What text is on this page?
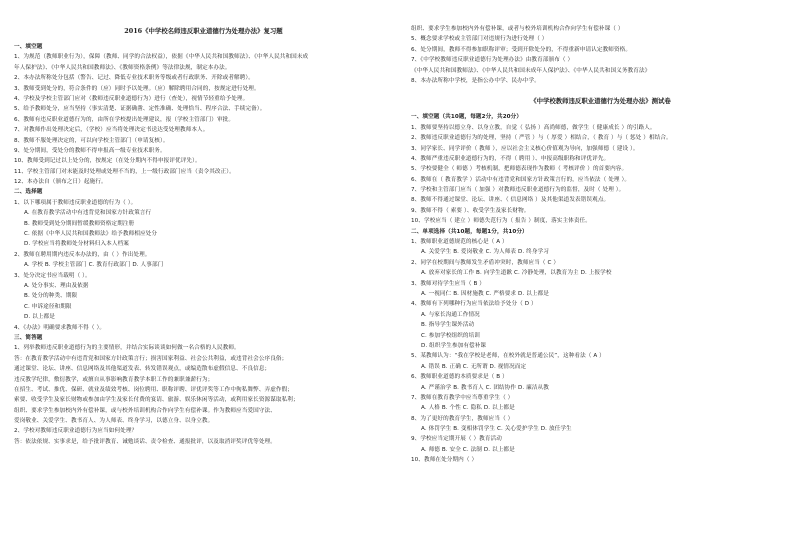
2016《中学校名师违反职业道德行为处理办法》复习题
一、填空题
1、为规范（教师职业行为），保障（教师、同学的合法权益），依据《中华人民共和国教师法》、《中华人民共和国未成
年人保护法》、《中华人民共和国教师法》、《教师资格条例》等法律法规，制定本办法。
2、本办法所称处分包括（警告、记过、降低专业技术职务等级或者行政职务、开除或者解聘）。
3、教师受到处分的，符合条件的（应）同时予以处理。（应）解除聘用合同的，按规定进行处理。
4、学校及学校主管部门应对（教师违反职业道德行为）进行（查处），视情节轻重给予处理。
5、给予教师处分，应当坚持（事实清楚、证据确凿、定性准确、处理恰当、程序合法、手续完备）。
6、教师有违反职业道德行为的，由所在学校提出处理建议，报（学校主管部门）审批。
7、对教师作出处理决定后，（学校）应当将处理决定书送达受处理教师本人。
8、教师不服处理决定的，可以向学校主管部门（申请复核）。
9、处分期间，受处分的教师不得申报高一级专业技术职务。
10、教师受到记过以上处分的，按规定（在处分期内不得申报评优评先）。
11、学校主管部门对未能及时处理或处理不当的，上一级行政部门应当（责令其改正）。
12、本办法自（颁布之日）起施行。
二、选择题
1、以下哪项属于教师违反职业道德的行为（ ）。
A. 在教育教学活动中有违背党和国家方针政策言行
B. 教师受到处分期间暂缓教师资格定期注册
C. 依据《中华人民共和国教师法》给予教师相应处分
D. 学校应当将教师处分材料归入本人档案
2、教师在聘用期内违反本办法的，由（ ）作出处理。
A. 学校 B. 学校主管部门 C. 教育行政部门 D. 人事部门
3、处分决定书应当载明（ ）。
A. 处分事实、理由及依据
B. 处分的种类、期限
C. 申诉途径和期限
D. 以上都是
4、《办法》明确要求教师不得（ ）。
三、简答题
1、列举教师违反职业道德行为的主要情形，并结合实际谈谈如何做一名合格的人民教师。
答：在教育教学活动中有违背党和国家方针政策言行；损害国家利益、社会公共利益，或违背社会公序良俗；
通过课堂、论坛、讲座、信息网络及其他渠道发表、转发错误观点，或编造散布虚假信息、不良信息；
违反教学纪律，敷衍教学，或擅自从事影响教育教学本职工作的兼职兼薪行为；
在招生、考试、推优、保研、就业及绩效考核、岗位聘用、职称评聘、评优评奖等工作中徇私舞弊、弄虚作假；
索要、收受学生及家长财物或参加由学生及家长付费的宴请、旅游、娱乐休闲等活动，或利用家长资源谋取私利；
组织、要求学生参加校内外有偿补课，或与校外培训机构合作向学生有偿补课。作为教师应当爱国守法、
爱岗敬业、关爱学生、教书育人、为人师表、终身学习，以德立身、以身立教。
2、学校对教师违反职业道德行为应当如何处理？
答：依法依规、实事求是，给予批评教育、诫勉谈话、责令检查、通报批评，以及取消评奖评优等处理。
组织、要求学生参加校内外有偿补课，或者与校外培训机构合作向学生有偿补课（ ）
5、概念要求学校或主管部门对违规行为进行处理（ ）
6、处分期间，教师不得参加职称评审；受到开除处分的，不得重新申请认定教师资格。
7、《中学校教师违反职业道德行为处理办法》由教育部颁布（ ）
《中华人民共和国教师法》、《中华人民共和国未成年人保护法》、《中华人民共和国义务教育法》
8、本办法所称中学校，是指公办中学、民办中学。
《中学校教师违反职业道德行为处理办法》测试卷
一、填空题（共10题，每题2分，共20分）
1、教师要坚持以德立身、以身立教，自觉（ 弘扬 ）高尚师德，做学生（ 健康成长 ）的引路人。
2、教师违反职业道德行为的处理，坚持（ 严管 ）与（ 厚爱 ）相结合，（ 教育 ）与（ 惩处 ）相结合。
3、同学家长、同学评价（ 教师 ），应以社会主义核心价值观为导向，加强师德（ 建设 ）。
4、教师严重违反职业道德行为的，不得（ 聘用 ）、申报高级职称和评优评先。
5、学校要健全（ 师德 ）考核机制，把师德表现作为教师（ 考核评价 ）的首要内容。
6、教师在（ 教育教学 ）活动中有违背党和国家方针政策言行的，应当依法（ 处理 ）。
7、学校和主管部门应当（ 加强 ）对教师违反职业道德行为的监督，及时（ 处理 ）。
8、教师不得通过课堂、论坛、讲座、（ 信息网络 ）及其他渠道发表错误观点。
9、教师不得（ 索要 ）、收受学生及家长财物。
10、学校应当（ 建立 ）师德失范行为（ 报告 ）制度，落实主体责任。
二、单项选择（共10题，每题1分，共10分）
1、教师职业道德规范的核心是（ A ）
A. 关爱学生 B. 爱岗敬业 C. 为人师表 D. 终身学习
2、同学在校期间与教师发生矛盾冲突时，教师应当（ C ）
A. 放弃对家长的工作 B. 向学生道歉 C. 冷静处理，以教育为主 D. 上报学校
3、教师对待学生应当（ B ）
A. 一视同仁 B. 因材施教 C. 严格要求 D. 以上都是
4、教师有下列哪种行为应当依法给予处分（ D ）
A. 与家长沟通工作情况
B. 指导学生课外活动
C. 参加学校组织的培训
D. 组织学生参加有偿补课
5、某教师认为：“我在学校是老师，在校外就是普通公民”，这种看法（ A ）
A. 错误 B. 正确 C. 无所谓 D. 视情况而定
6、教师职业道德的本质要求是（ B ）
A. 严谨治学 B. 教书育人 C. 团结协作 D. 廉洁从教
7、教师在教育教学中应当尊重学生（ ）
A. 人格 B. 个性 C. 隐私 D. 以上都是
8、为了更好的教育学生，教师应当（ ）
A. 体罚学生 B. 变相体罚学生 C. 关心爱护学生 D. 放任学生
9、学校应当定期开展（ ）教育活动
A. 师德 B. 安全 C. 法制 D. 以上都是
10、教师在处分期内（ ）
